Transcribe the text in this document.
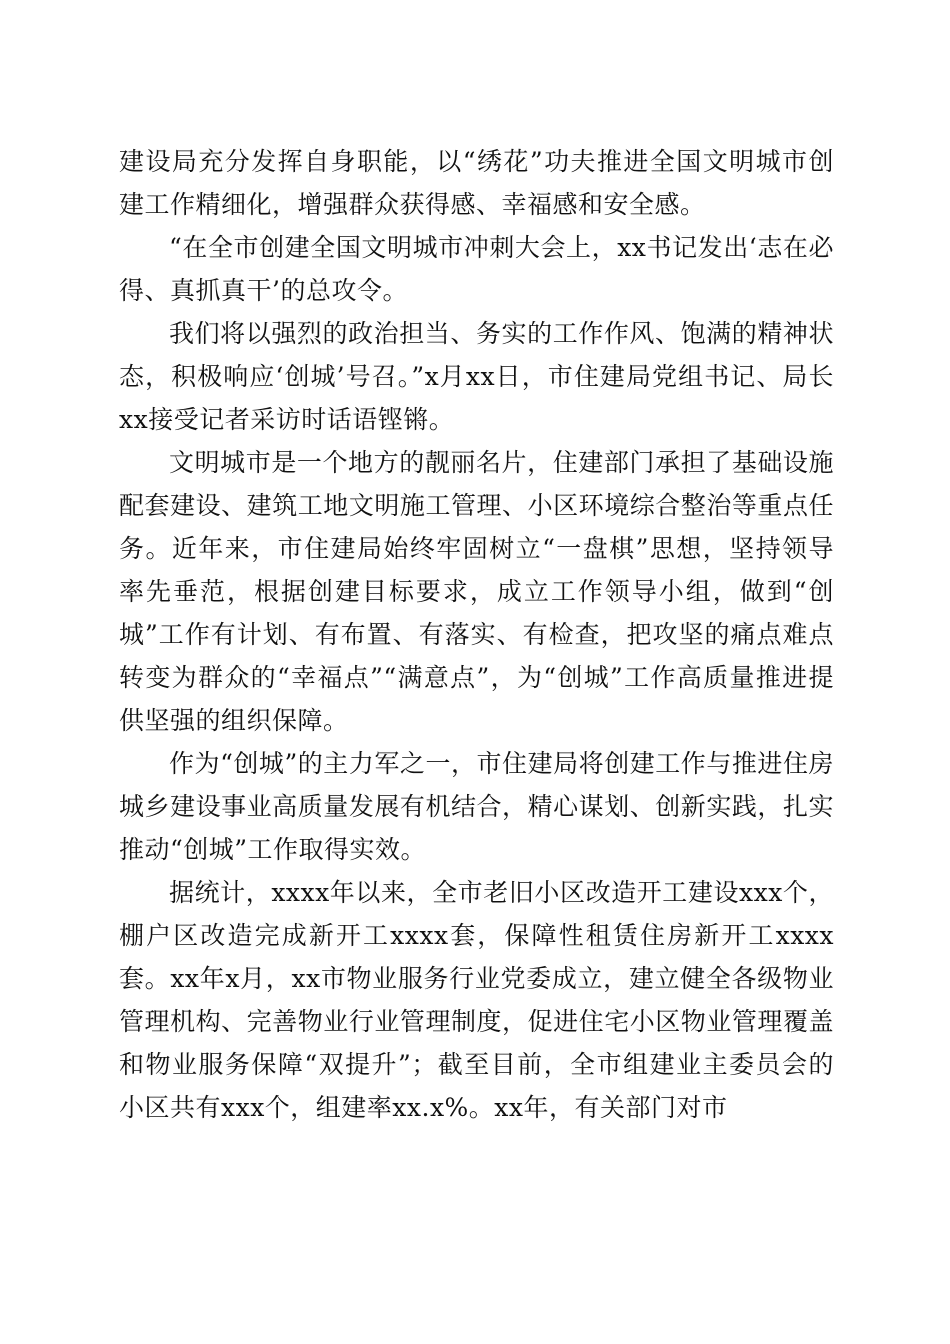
建设局充分发挥自身职能，以“绣花”功夫推进全国文明城市创建工作精细化，增强群众获得感、幸福感和安全感。

“在全市创建全国文明城市冲刺大会上，xx书记发出‘志在必得、真抓真干’的总攻令。

我们将以强烈的政治担当、务实的工作作风、饱满的精神状态，积极响应‘创城’号召。”x月xx日，市住建局党组书记、局长xx接受记者采访时话语铿锵。

文明城市是一个地方的靓丽名片，住建部门承担了基础设施配套建设、建筑工地文明施工管理、小区环境综合整治等重点任务。近年来，市住建局始终牢固树立“一盘棋”思想，坚持领导率先垂范，根据创建目标要求，成立工作领导小组，做到“创城”工作有计划、有布置、有落实、有检查，把攻坚的痛点难点转变为群众的“幸福点”“满意点”，为“创城”工作高质量推进提供坚强的组织保障。

作为“创城”的主力军之一，市住建局将创建工作与推进住房城乡建设事业高质量发展有机结合，精心谋划、创新实践，扎实推动“创城”工作取得实效。

据统计，xxxx年以来，全市老旧小区改造开工建设xxx个，棚户区改造完成新开工xxxx套，保障性租赁住房新开工xxxx套。xx年x月，xx市物业服务行业党委成立，建立健全各级物业管理机构、完善物业行业管理制度，促进住宅小区物业管理覆盖和物业服务保障“双提升”；截至目前，全市组建业主委员会的小区共有xxx个，组建率xx.x%。xx年，有关部门对市
